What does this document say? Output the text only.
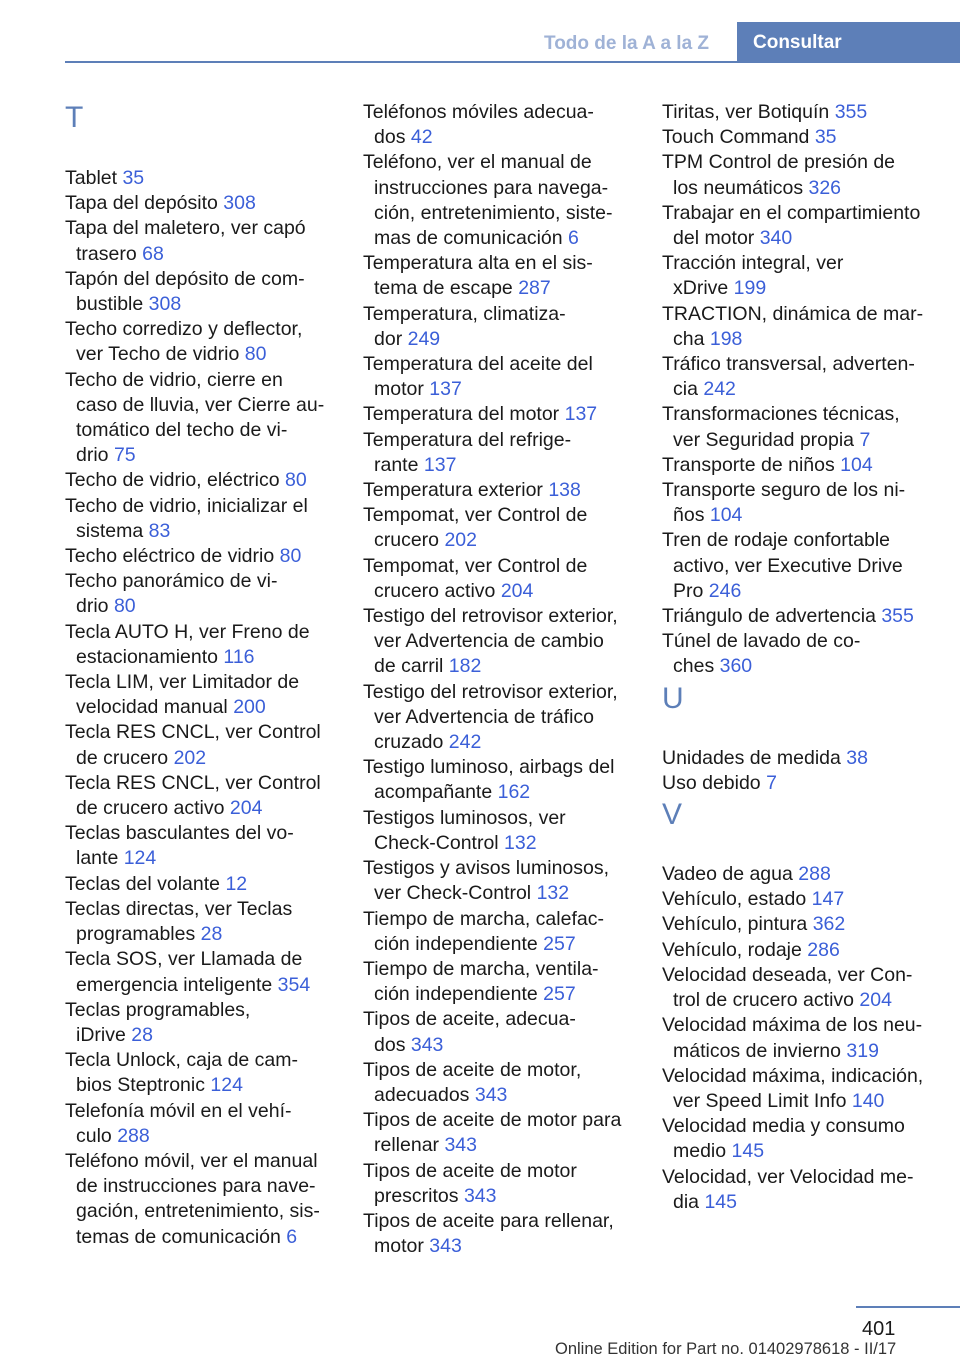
Todo de la A a la Z	Consultar
T
Tablet 35
Tapa del depósito 308
Tapa del maletero, ver capó
trasero 68
Tapón del depósito de com‐
bustible 308
Techo corredizo y deflector,
ver Techo de vidrio 80
Techo de vidrio, cierre en
caso de lluvia, ver Cierre au‐
tomático del techo de vi‐
drio 75
Techo de vidrio, eléctrico 80
Techo de vidrio, inicializar el
sistema 83
Techo eléctrico de vidrio 80
Techo panorámico de vi‐
drio 80
Tecla AUTO H, ver Freno de
estacionamiento 116
Tecla LIM, ver Limitador de
velocidad manual 200
Tecla RES CNCL, ver Control
de crucero 202
Tecla RES CNCL, ver Control
de crucero activo 204
Teclas basculantes del vo‐
lante 124
Teclas del volante 12
Teclas directas, ver Teclas
programables 28
Tecla SOS, ver Llamada de
emergencia inteligente 354
Teclas programables,
iDrive 28
Tecla Unlock, caja de cam‐
bios Steptronic 124
Telefonía móvil en el vehí‐
culo 288
Teléfono móvil, ver el manual
de instrucciones para nave‐
gación, entretenimiento, sis‐
temas de comunicación 6
Teléfonos móviles adecua‐
dos 42
Teléfono, ver el manual de
instrucciones para navega‐
ción, entretenimiento, siste‐
mas de comunicación 6
Temperatura alta en el sis‐
tema de escape 287
Temperatura, climatiza‐
dor 249
Temperatura del aceite del
motor 137
Temperatura del motor 137
Temperatura del refrige‐
rante 137
Temperatura exterior 138
Tempomat, ver Control de
crucero 202
Tempomat, ver Control de
crucero activo 204
Testigo del retrovisor exterior,
ver Advertencia de cambio
de carril 182
Testigo del retrovisor exterior,
ver Advertencia de tráfico
cruzado 242
Testigo luminoso, airbags del
acompañante 162
Testigos luminosos, ver
Check-Control 132
Testigos y avisos luminosos,
ver Check-Control 132
Tiempo de marcha, calefac‐
ción independiente 257
Tiempo de marcha, ventila‐
ción independiente 257
Tipos de aceite, adecua‐
dos 343
Tipos de aceite de motor,
adecuados 343
Tipos de aceite de motor para
rellenar 343
Tipos de aceite de motor
prescritos 343
Tipos de aceite para rellenar,
motor 343
Tiritas, ver Botiquín 355
Touch Command 35
TPM Control de presión de
los neumáticos 326
Trabajar en el compartimiento
del motor 340
Tracción integral, ver
xDrive 199
TRACTION, dinámica de mar‐
cha 198
Tráfico transversal, adverten‐
cia 242
Transformaciones técnicas,
ver Seguridad propia 7
Transporte de niños 104
Transporte seguro de los ni‐
ños 104
Tren de rodaje confortable
activo, ver Executive Drive
Pro 246
Triángulo de advertencia 355
Túnel de lavado de co‐
ches 360
U
Unidades de medida 38
Uso debido 7
V
Vadeo de agua 288
Vehículo, estado 147
Vehículo, pintura 362
Vehículo, rodaje 286
Velocidad deseada, ver Con‐
trol de crucero activo 204
Velocidad máxima de los neu‐
máticos de invierno 319
Velocidad máxima, indicación,
ver Speed Limit Info 140
Velocidad media y consumo
medio 145
Velocidad, ver Velocidad me‐
dia 145
401
Online Edition for Part no. 01402978618 - II/17
